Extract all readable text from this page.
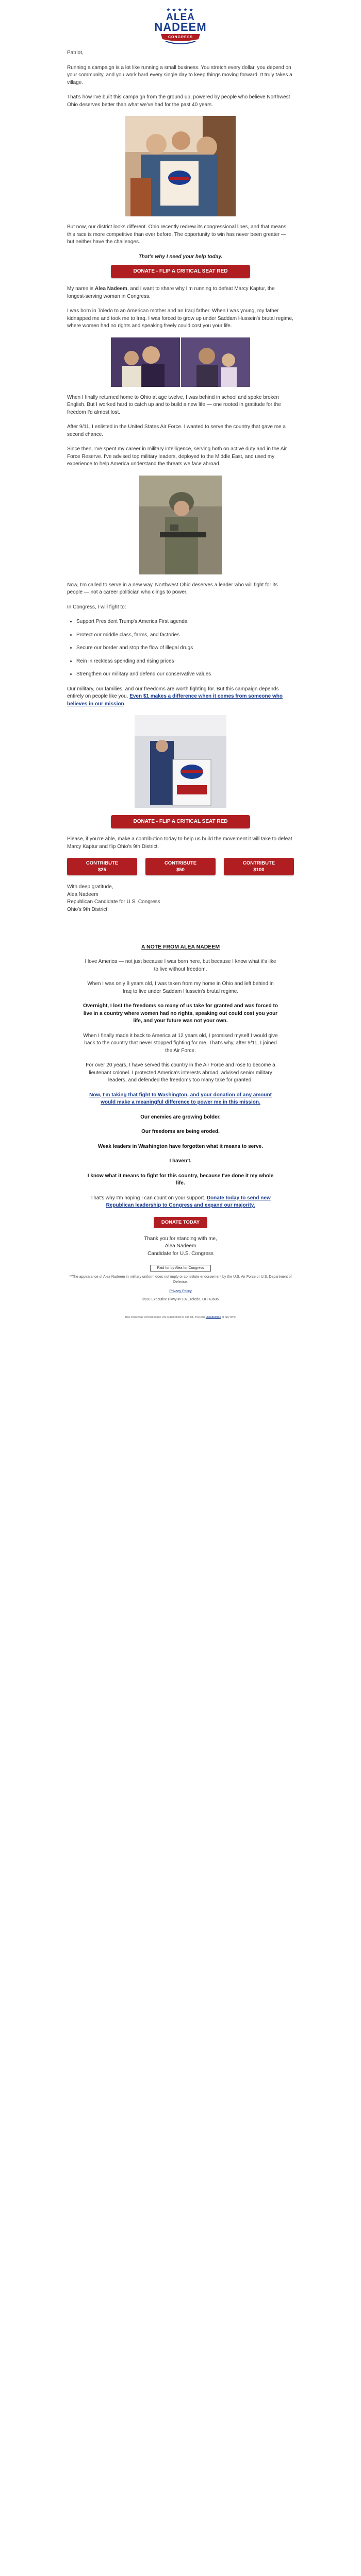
★★★★★
ALEA
NADEEM
CONGRESS

Patriot,

Running a campaign is a lot like running a small business. You stretch every dollar, you depend on your community, and you work hard every single day to keep things moving forward. It truly takes a village.

That's how I've built this campaign from the ground up, powered by people who believe Northwest Ohio deserves better than what we've had for the past 40 years.

But now, our district looks different. Ohio recently redrew its congressional lines, and that means this race is more competitive than ever before. The opportunity to win has never been greater — but neither have the challenges.

That's why I need your help today.

DONATE - FLIP A CRITICAL SEAT RED

My name is Alea Nadeem, and I want to share why I'm running to defeat Marcy Kaptur, the longest-serving woman in Congress.

I was born in Toledo to an American mother and an Iraqi father. When I was young, my father kidnapped me and took me to Iraq. I was forced to grow up under Saddam Hussein's brutal regime, where women had no rights and speaking freely could cost you your life.

When I finally returned home to Ohio at age twelve, I was behind in school and spoke broken English. But I worked hard to catch up and to build a new life — one rooted in gratitude for the freedom I'd almost lost.

After 9/11, I enlisted in the United States Air Force. I wanted to serve the country that gave me a second chance.

Since then, I've spent my career in military intelligence, serving both on active duty and in the Air Force Reserve. I've advised top military leaders, deployed to the Middle East, and used my experience to help America understand the threats we face abroad.

Now, I'm called to serve in a new way. Northwest Ohio deserves a leader who will fight for its people — not a career politician who clings to power.

In Congress, I will fight to:

• Support President Trump's America First agenda
• Protect our middle class, farms, and factories
• Secure our border and stop the flow of illegal drugs
• Rein in reckless spending and rising prices
• Strengthen our military and defend our conservative values

Our military, our families, and our freedoms are worth fighting for. But this campaign depends entirely on people like you. Even $1 makes a difference when it comes from someone who believes in our mission.

DONATE - FLIP A CRITICAL SEAT RED

Please, if you're able, make a contribution today to help us build the movement it will take to defeat Marcy Kaptur and flip Ohio's 9th District.

CONTRIBUTE
$25
CONTRIBUTE
$50
CONTRIBUTE
$100

With deep gratitude,

Alea Nadeem

Republican Candidate for U.S. Congress

Ohio's 9th District

A NOTE FROM ALEA NADEEM

I love America — not just because I was born here, but because I know what it's like to live without freedom.

When I was only 8 years old, I was taken from my home in Ohio and left behind in Iraq to live under Saddam Hussein's brutal regime.

Overnight, I lost the freedoms so many of us take for granted and was forced to live in a country where women had no rights, speaking out could cost you your life, and your future was not your own.

When I finally made it back to America at 12 years old, I promised myself I would give back to the country that never stopped fighting for me. That's why, after 9/11, I joined the Air Force.

For over 20 years, I have served this country in the Air Force and rose to become a lieutenant colonel. I protected America's interests abroad, advised senior military leaders, and defended the freedoms too many take for granted.

Now, I'm taking that fight to Washington, and your donation of any amount would make a meaningful difference to power me in this mission.

Our enemies are growing bolder.

Our freedoms are being eroded.

Weak leaders in Washington have forgotten what it means to serve.

I haven't.

I know what it means to fight for this country, because I've done it my whole life.

That's why I'm hoping I can count on your support. Donate today to send new Republican leadership to Congress and expand our majority.

DONATE TODAY

Thank you for standing with me,
Alea Nadeem
Candidate for U.S. Congress

Paid for by Alea for Congress

**The appearance of Alea Nadeem in military uniform does not imply or constitute endorsement by the U.S. Air Force or U.S. Department of Defense.

Privacy Policy

3930 Executive Pkwy #7107, Toledo, OH 43606

This email was sent because you subscribed to our list. You can unsubscribe at any time.
